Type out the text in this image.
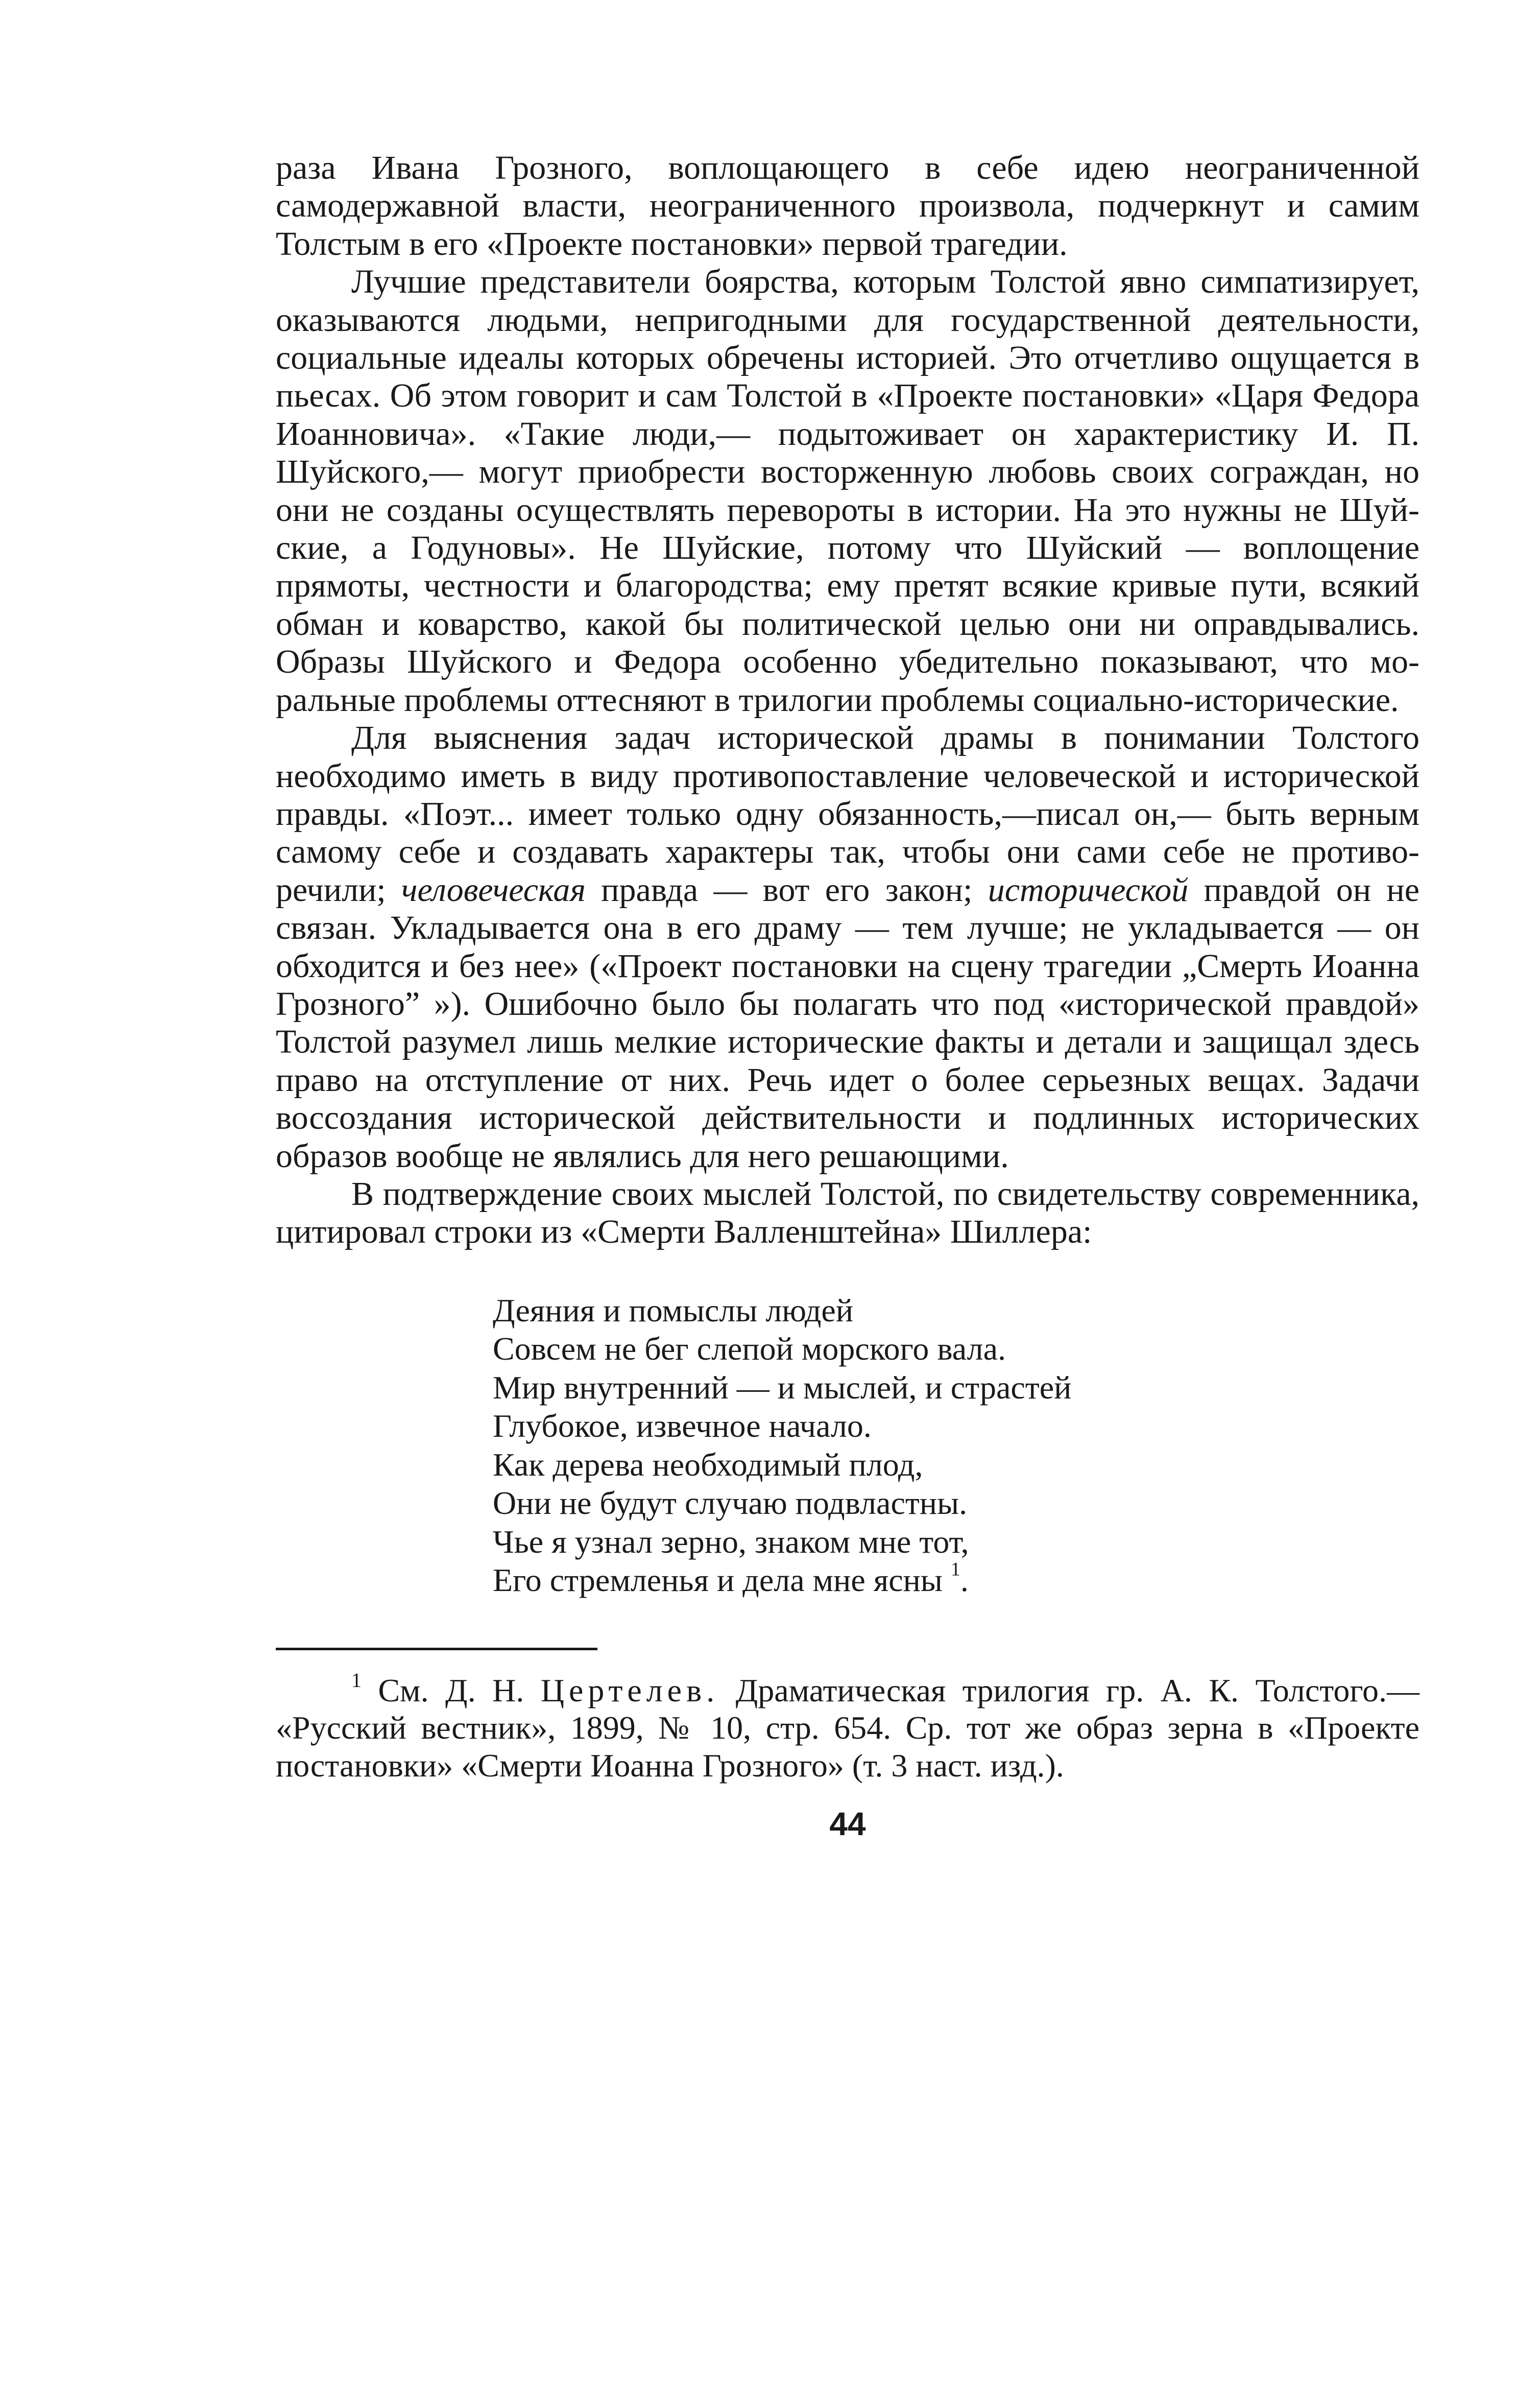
раза Ивана Грозного, воплощающего в себе идею неограниченной самодержавной власти, неограниченного произвола, подчеркнут и самим Толстым в его «Проекте постановки» первой трагедии.

Лучшие представители боярства, которым Толстой явно симпатизирует, оказываются людьми, непригодными для государственной деятельности, социальные идеалы которых обречены историей. Это отчетливо ощущается в пьесах. Об этом говорит и сам Толстой в «Проекте постановки» «Царя Федора Иоанновича». «Такие люди,— подытоживает он характеристику И. П. Шуйского,— могут приобрести восторженную любовь своих сограждан, но они не созданы осуществлять перевороты в истории. На это нужны не Шуйские, а Годуновы». Не Шуйские, потому что Шуйский — воплощение прямоты, честности и благородства; ему претят всякие кривые пути, всякий обман и коварство, какой бы политической целью они ни оправдывались. Образы Шуйского и Федора особенно убедительно показывают, что моральные проблемы оттесняют в трилогии проблемы социально-исторические.

Для выяснения задач исторической драмы в понимании Толстого необходимо иметь в виду противопоставление человеческой и исторической правды. «Поэт... имеет только одну обязанность,—писал он,— быть верным самому себе и создавать характеры так, чтобы они сами себе не противоречили; человеческая правда — вот его закон; исторической правдой он не связан. Укладывается она в его драму — тем лучше; не укладывается — он обходится и без нее» («Проект постановки на сцену трагедии „Смерть Иоанна Грозного” »). Ошибочно было бы полагать что под «исторической правдой» Толстой разумел лишь мелкие исторические факты и детали и защищал здесь право на отступление от них. Речь идет о более серьезных вещах. Задачи воссоздания исторической действительности и подлинных исторических образов вообще не являлись для него решающими.

В подтверждение своих мыслей Толстой, по свидетельству современника, цитировал строки из «Смерти Валленштейна» Шиллера:

Деяния и помыслы людей
Совсем не бег слепой морского вала.
Мир внутренний — и мыслей, и страстей
Глубокое, извечное начало.
Как дерева необходимый плод,
Они не будут случаю подвластны.
Чье я узнал зерно, знаком мне тот,
Его стремленья и дела мне ясны $^1$.

$^1$ См. Д. Н. Цертелев. Драматическая трилогия гр. А. К. Толстого.— «Русский вестник», 1899, № 10, стр. 654. Ср. тот же образ зерна в «Проекте постановки» «Смерти Иоанна Грозного» (т. 3 наст. изд.).

44
